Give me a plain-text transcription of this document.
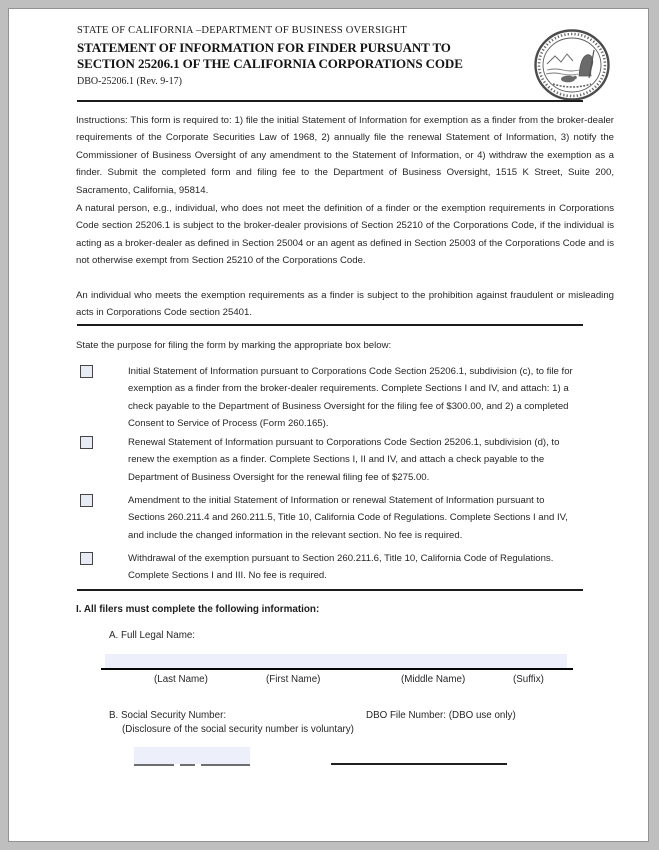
STATE OF CALIFORNIA –DEPARTMENT OF BUSINESS OVERSIGHT
STATEMENT OF INFORMATION FOR FINDER PURSUANT TO
SECTION 25206.1 OF THE CALIFORNIA CORPORATIONS CODE
DBO-25206.1 (Rev. 9-17)
Instructions: This form is required to: 1) file the initial Statement of Information for exemption as a finder from the broker-dealer requirements of the Corporate Securities Law of 1968, 2) annually file the renewal Statement of Information, 3) notify the Commissioner of Business Oversight of any amendment to the Statement of Information, or 4) withdraw the exemption as a finder. Submit the completed form and filing fee to the Department of Business Oversight, 1515 K Street, Suite 200, Sacramento, California, 95814.
A natural person, e.g., individual, who does not meet the definition of a finder or the exemption requirements in Corporations Code section 25206.1 is subject to the broker-dealer provisions of Section 25210 of the Corporations Code, if the individual is acting as a broker-dealer as defined in Section 25004 or an agent as defined in Section 25003 of the Corporations Code and is not otherwise exempt from Section 25210 of the Corporations Code.
An individual who meets the exemption requirements as a finder is subject to the prohibition against fraudulent or misleading acts in Corporations Code section 25401.
State the purpose for filing the form by marking the appropriate box below:
Initial Statement of Information pursuant to Corporations Code Section 25206.1, subdivision (c), to file for exemption as a finder from the broker-dealer requirements. Complete Sections I and IV, and attach: 1) a check payable to the Department of Business Oversight for the filing fee of $300.00, and 2) a completed Consent to Service of Process (Form 260.165).
Renewal Statement of Information pursuant to Corporations Code Section 25206.1, subdivision (d), to renew the exemption as a finder. Complete Sections I, II and IV, and attach a check payable to the Department of Business Oversight for the renewal filing fee of $275.00.
Amendment to the initial Statement of Information or renewal Statement of Information pursuant to Sections 260.211.4 and 260.211.5, Title 10, California Code of Regulations. Complete Sections I and IV, and include the changed information in the relevant section. No fee is required.
Withdrawal of the exemption pursuant to Section 260.211.6, Title 10, California Code of Regulations. Complete Sections I and III. No fee is required.
I. All filers must complete the following information:
A. Full Legal Name:
(Last Name)	(First Name)	(Middle Name)	(Suffix)
B. Social Security Number:	DBO File Number: (DBO use only)
(Disclosure of the social security number is voluntary)
